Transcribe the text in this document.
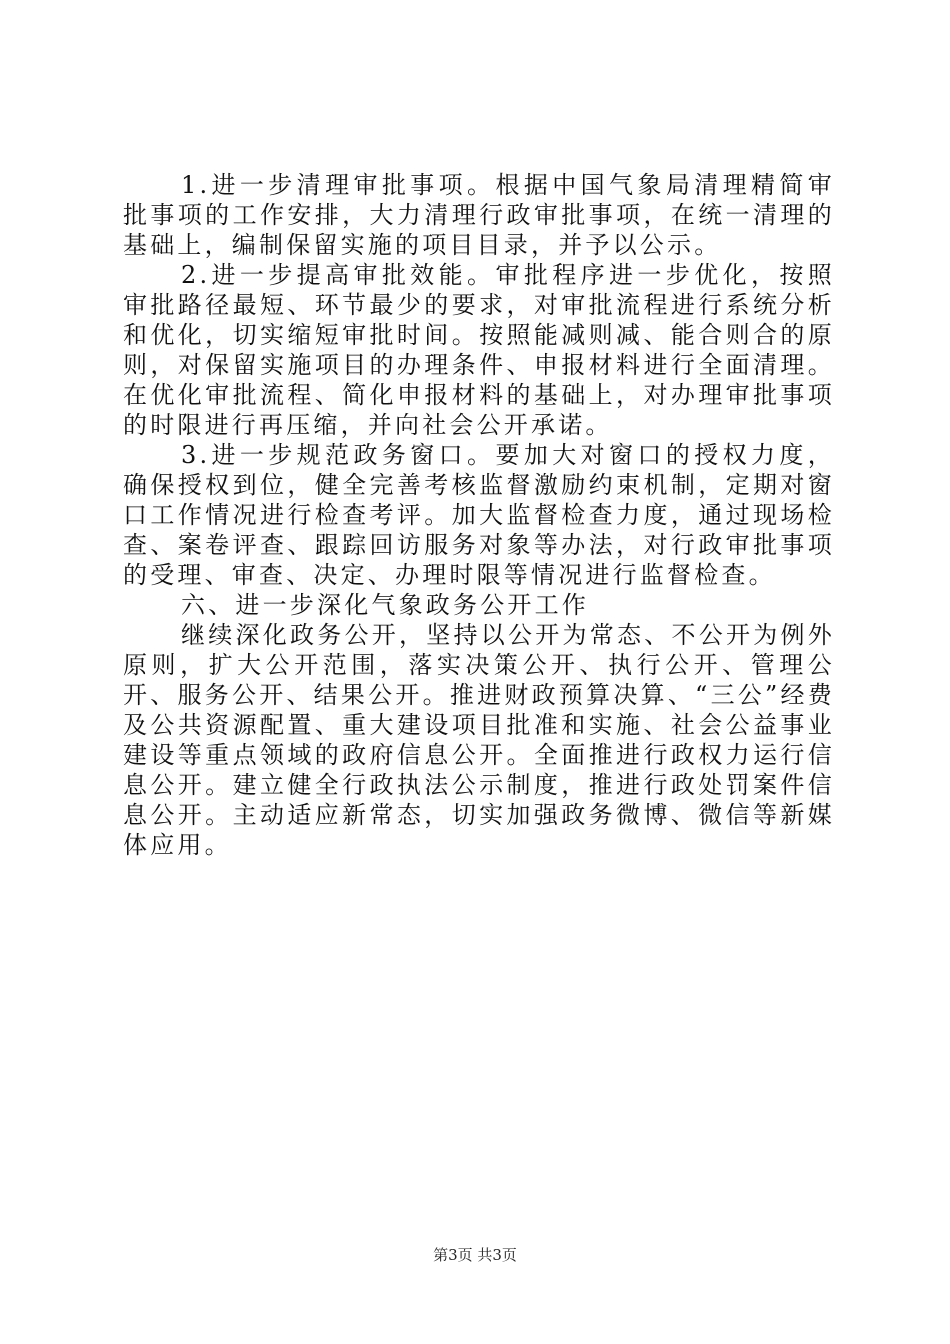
1.进一步清理审批事项。根据中国气象局清理精简审批事项的工作安排，大力清理行政审批事项，在统一清理的基础上，编制保留实施的项目目录，并予以公示。

2.进一步提高审批效能。审批程序进一步优化，按照审批路径最短、环节最少的要求，对审批流程进行系统分析和优化，切实缩短审批时间。按照能减则减、能合则合的原则，对保留实施项目的办理条件、申报材料进行全面清理。在优化审批流程、简化申报材料的基础上，对办理审批事项的时限进行再压缩，并向社会公开承诺。

3.进一步规范政务窗口。要加大对窗口的授权力度，确保授权到位，健全完善考核监督激励约束机制，定期对窗口工作情况进行检查考评。加大监督检查力度，通过现场检查、案卷评查、跟踪回访服务对象等办法，对行政审批事项的受理、审查、决定、办理时限等情况进行监督检查。

六、进一步深化气象政务公开工作

继续深化政务公开，坚持以公开为常态、不公开为例外原则，扩大公开范围，落实决策公开、执行公开、管理公开、服务公开、结果公开。推进财政预算决算、“三公”经费及公共资源配置、重大建设项目批准和实施、社会公益事业建设等重点领域的政府信息公开。全面推进行政权力运行信息公开。建立健全行政执法公示制度，推进行政处罚案件信息公开。主动适应新常态，切实加强政务微博、微信等新媒体应用。

第3页 共3页
